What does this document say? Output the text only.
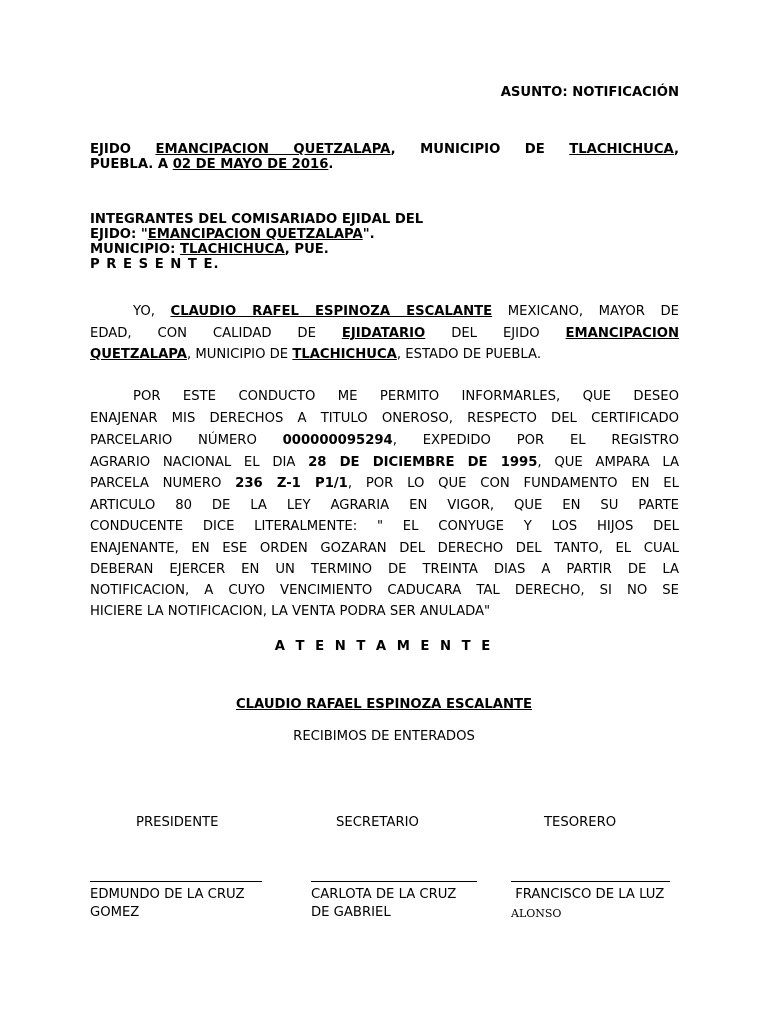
ASUNTO: NOTIFICACIÓN
EJIDO EMANCIPACION QUETZALAPA, MUNICIPIO DE TLACHICHUCA,
PUEBLA. A 02 DE MAYO DE 2016.
INTEGRANTES DEL COMISARIADO EJIDAL DEL
EJIDO: "EMANCIPACION QUETZALAPA".
MUNICIPIO: TLACHICHUCA, PUE.
P R E S E N T E.
YO, CLAUDIO RAFEL ESPINOZA ESCALANTE MEXICANO, MAYOR DE
EDAD, CON CALIDAD DE EJIDATARIO DEL EJIDO EMANCIPACION
QUETZALAPA, MUNICIPIO DE TLACHICHUCA, ESTADO DE PUEBLA.
POR ESTE CONDUCTO ME PERMITO INFORMARLES, QUE DESEO
ENAJENAR MIS DERECHOS A TITULO ONEROSO, RESPECTO DEL CERTIFICADO
PARCELARIO NÚMERO 000000095294, EXPEDIDO POR EL REGISTRO
AGRARIO NACIONAL EL DIA 28 DE DICIEMBRE DE 1995, QUE AMPARA LA
PARCELA NUMERO 236 Z-1 P1/1, POR LO QUE CON FUNDAMENTO EN EL
ARTICULO 80 DE LA LEY AGRARIA EN VIGOR, QUE EN SU PARTE
CONDUCENTE DICE LITERALMENTE: " EL CONYUGE Y LOS HIJOS DEL
ENAJENANTE, EN ESE ORDEN GOZARAN DEL DERECHO DEL TANTO, EL CUAL
DEBERAN EJERCER EN UN TERMINO DE TREINTA DIAS A PARTIR DE LA
NOTIFICACION, A CUYO VENCIMIENTO CADUCARA TAL DERECHO, SI NO SE
HICIERE LA NOTIFICACION, LA VENTA PODRA SER ANULADA"
A T E N T A M E N T E
CLAUDIO RAFAEL ESPINOZA ESCALANTE
RECIBIMOS DE ENTERADOS
PRESIDENTE	SECRETARIO	TESORERO
EDMUNDO DE LA CRUZ
GOMEZ
CARLOTA DE LA CRUZ
DE GABRIEL
FRANCISCO DE LA LUZ
ALONSO
